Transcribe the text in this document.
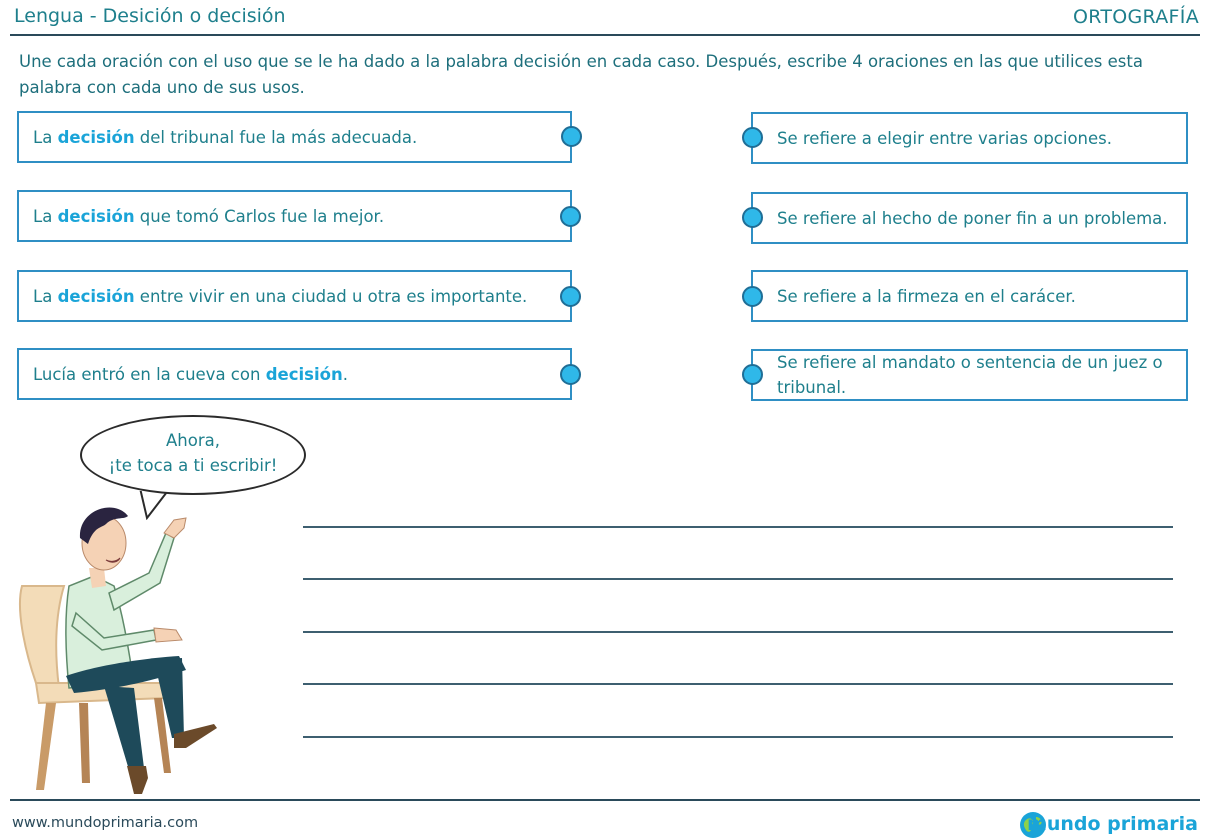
Lengua - Desición o decisión	ORTOGRAFÍA
Une cada oración con el uso que se le ha dado a la palabra decisión en cada caso. Después, escribe 4 oraciones en las que utilices esta palabra con cada uno de sus usos.
La decisión del tribunal fue la más adecuada.
La decisión que tomó Carlos fue la mejor.
La decisión entre vivir en una ciudad u otra es importante.
Lucía entró en la cueva con decisión.
Se refiere a elegir entre varias opciones.
Se refiere al hecho de poner fin a un problema.
Se refiere a la firmeza en el carácer.
Se refiere al mandato o sentencia de un juez o tribunal.
Ahora,
¡te toca a ti escribir!
www.mundoprimaria.com	mundo primaria
